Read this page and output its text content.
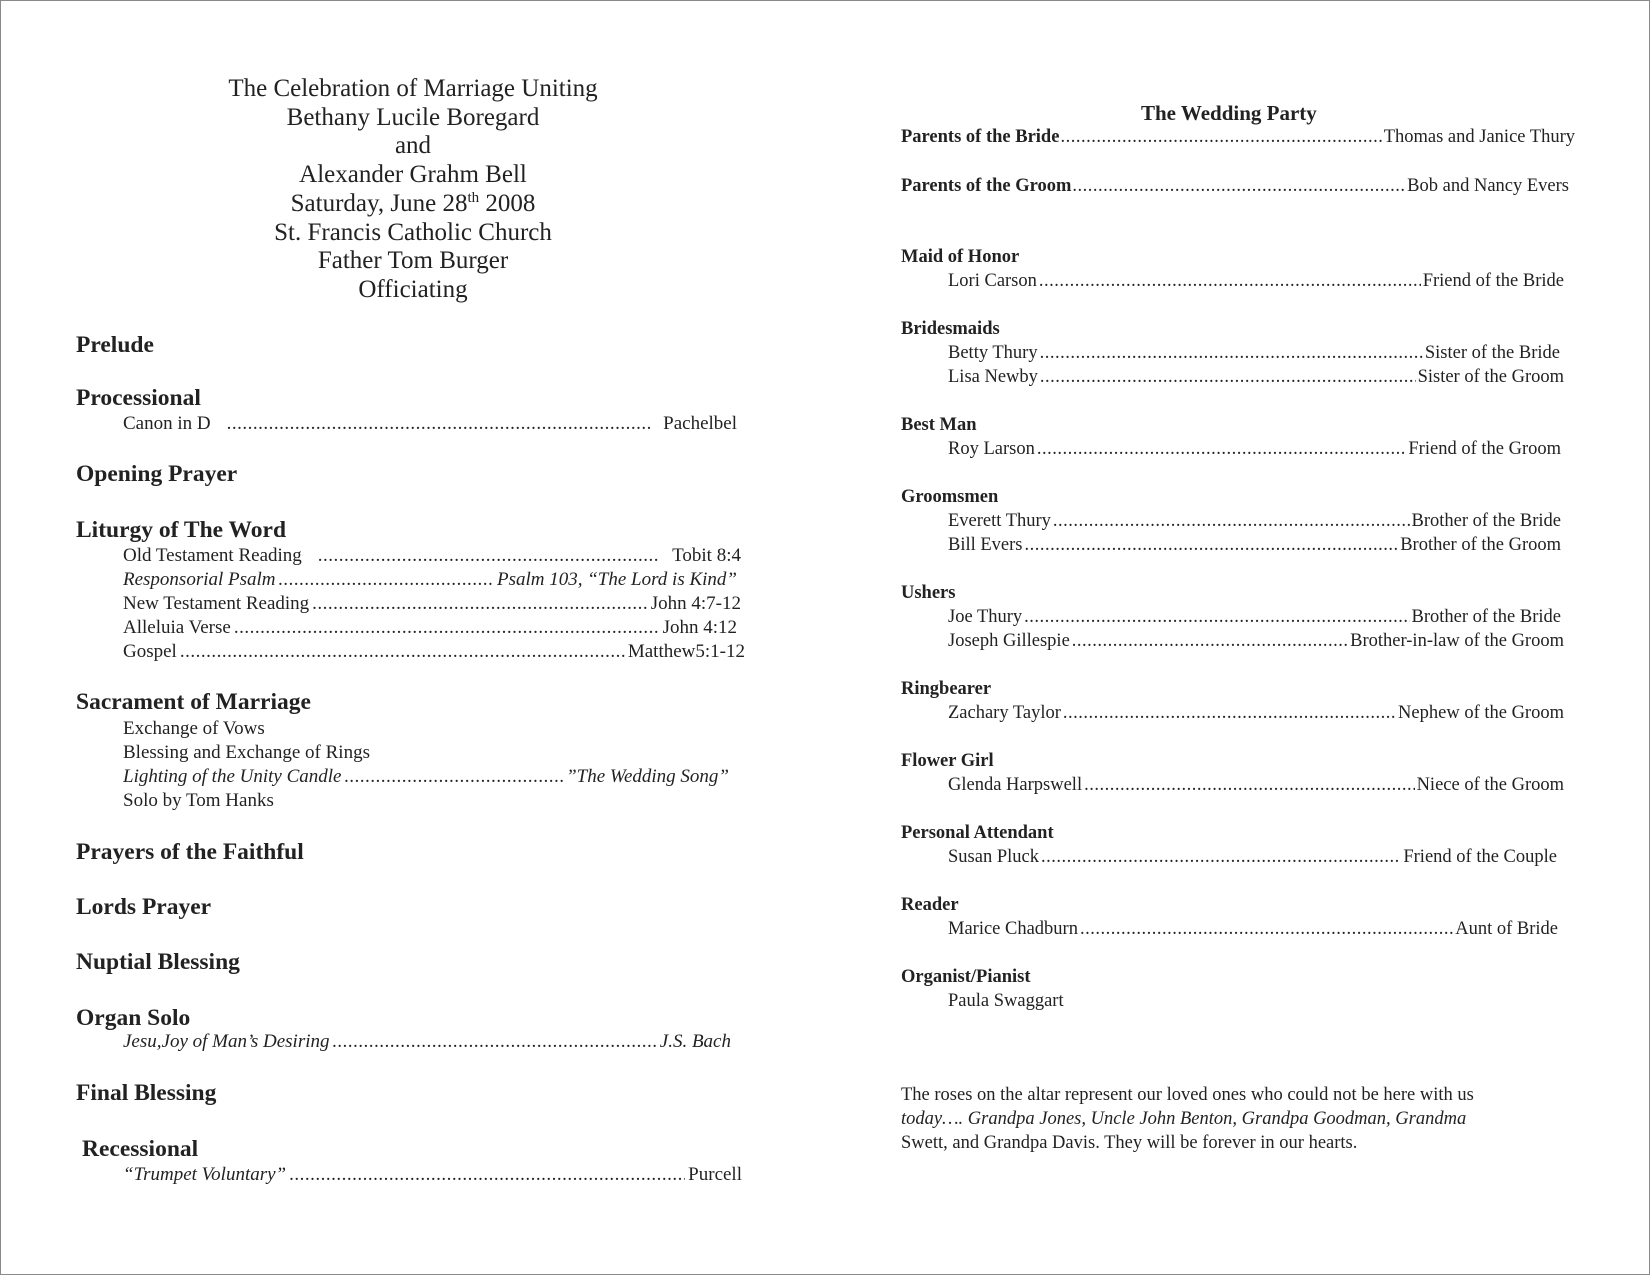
The Celebration of Marriage Uniting
Bethany Lucile Boregard
and
Alexander Grahm Bell
Saturday, June 28th 2008
St. Francis Catholic Church
Father Tom Burger
Officiating
Prelude
Processional
Canon in D .....	Pachelbel
Opening Prayer
Liturgy of The Word
Old Testament Reading .....	Tobit 8:4
Responsorial Psalm .....	Psalm 103, “The Lord is Kind”
New Testament Reading .....	John 4:7-12
Alleluia Verse .....	John 4:12
Gospel .....	Matthew5:1-12
Sacrament of Marriage
Exchange of Vows
Blessing and Exchange of Rings
Lighting of the Unity Candle .....	”The Wedding Song”
Solo by Tom Hanks
Prayers of the Faithful
Lords Prayer
Nuptial Blessing
Organ Solo
Jesu,Joy of Man’s Desiring .....	J.S. Bach
Final Blessing
Recessional
“Trumpet Voluntary” .....	Purcell
The Wedding Party
Parents of the Bride .....	Thomas and Janice Thury
Parents of the Groom .....	Bob and Nancy Evers
Maid of Honor
Lori Carson .....	Friend of the Bride
Bridesmaids
Betty Thury .....	Sister of the Bride
Lisa Newby .....	Sister of the Groom
Best Man
Roy Larson .....	Friend of the Groom
Groomsmen
Everett Thury .....	Brother of the Bride
Bill Evers .....	Brother of the Groom
Ushers
Joe Thury .....	Brother of the Bride
Joseph Gillespie .....	Brother-in-law of the Groom
Ringbearer
Zachary Taylor .....	Nephew of the Groom
Flower Girl
Glenda Harpswell .....	Niece of the Groom
Personal Attendant
Susan Pluck .....	Friend of the Couple
Reader
Marice Chadburn .....	Aunt of Bride
Organist/Pianist
Paula Swaggart
The roses on the altar represent our loved ones who could not be here with us
today…. Grandpa Jones, Uncle John Benton, Grandpa Goodman, Grandma
Swett, and Grandpa Davis. They will be forever in our hearts.
